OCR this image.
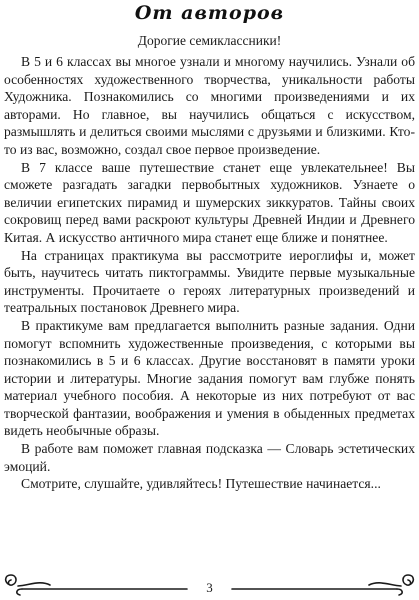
От авторов
Дорогие семиклассники!

В 5 и 6 классах вы многое узнали и многому научились. Узнали об особенностях художественного творчества, уникальности работы Художника. Познакомились со многими произведениями и их авторами. Но главное, вы научились общаться с искусством, размышлять и делиться своими мыслями с друзьями и близкими. Кто-то из вас, возможно, создал свое первое произведение.

В 7 классе ваше путешествие станет еще увлекательнее! Вы сможете разгадать загадки первобытных художников. Узнаете о величии египетских пирамид и шумерских зиккуратов. Тайны своих сокровищ перед вами раскроют культуры Древней Индии и Древнего Китая. А искусство античного мира станет еще ближе и понятнее.

На страницах практикума вы рассмотрите иероглифы и, может быть, научитесь читать пиктограммы. Увидите первые музыкальные инструменты. Прочитаете о героях литературных произведений и театральных постановок Древнего мира.

В практикуме вам предлагается выполнить разные задания. Одни помогут вспомнить художественные произведения, с которыми вы познакомились в 5 и 6 классах. Другие восстановят в памяти уроки истории и литературы. Многие задания помогут вам глубже понять материал учебного пособия. А некоторые из них потребуют от вас творческой фантазии, воображения и умения в обыденных предметах видеть необычные образы.

В работе вам поможет главная подсказка — Словарь эстетических эмоций.

Смотрите, слушайте, удивляйтесь! Путешествие начинается...

3
